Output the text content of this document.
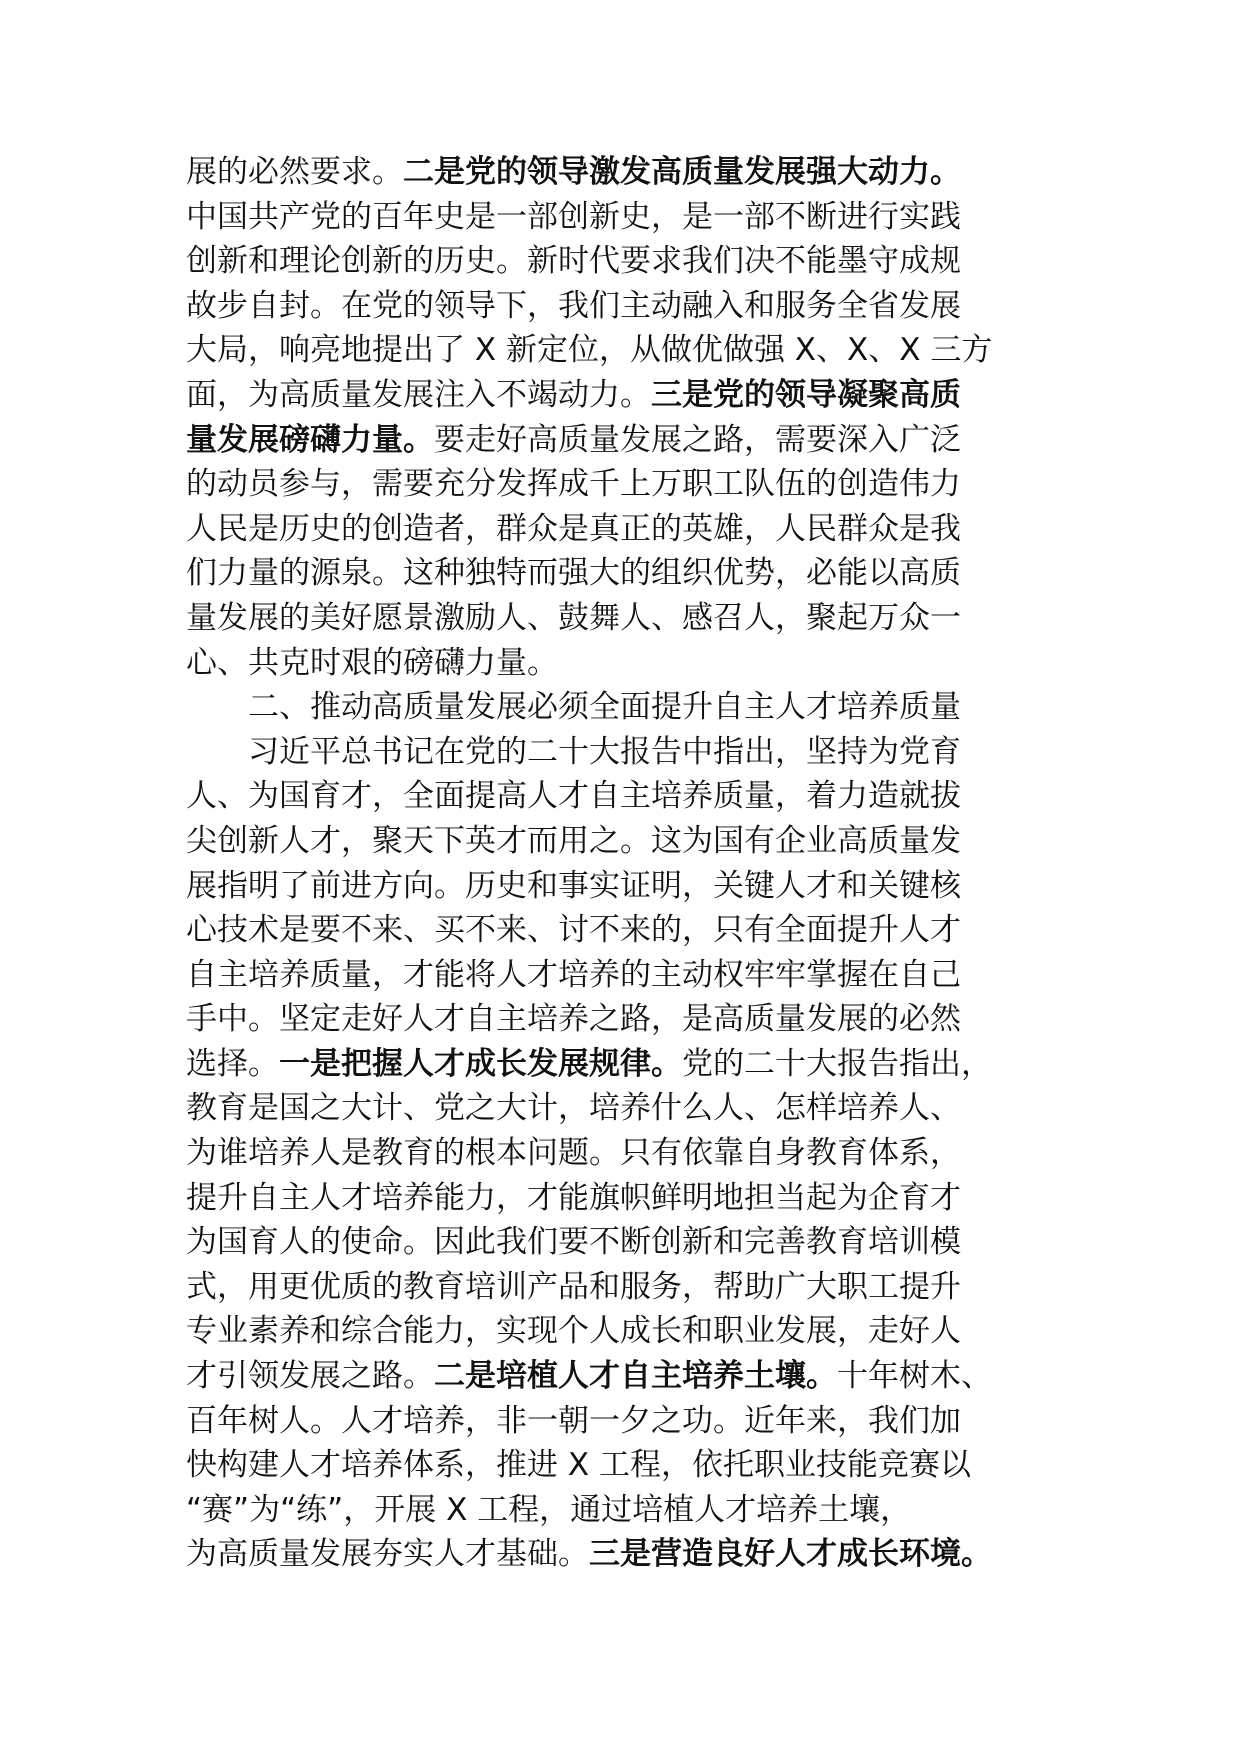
展的必然要求。二是党的领导激发高质量发展强大动力。
中国共产党的百年史是一部创新史，是一部不断进行实践
创新和理论创新的历史。新时代要求我们决不能墨守成规
故步自封。在党的领导下，我们主动融入和服务全省发展
大局，响亮地提出了 X 新定位，从做优做强 X、X、X 三方
面，为高质量发展注入不竭动力。三是党的领导凝聚高质
量发展磅礴力量。要走好高质量发展之路，需要深入广泛
的动员参与，需要充分发挥成千上万职工队伍的创造伟力
人民是历史的创造者，群众是真正的英雄，人民群众是我
们力量的源泉。这种独特而强大的组织优势，必能以高质
量发展的美好愿景激励人、鼓舞人、感召人，聚起万众一
心、共克时艰的磅礴力量。
二、推动高质量发展必须全面提升自主人才培养质量
习近平总书记在党的二十大报告中指出，坚持为党育
人、为国育才，全面提高人才自主培养质量，着力造就拔
尖创新人才，聚天下英才而用之。这为国有企业高质量发
展指明了前进方向。历史和事实证明，关键人才和关键核
心技术是要不来、买不来、讨不来的，只有全面提升人才
自主培养质量，才能将人才培养的主动权牢牢掌握在自己
手中。坚定走好人才自主培养之路，是高质量发展的必然
选择。一是把握人才成长发展规律。党的二十大报告指出，
教育是国之大计、党之大计，培养什么人、怎样培养人、
为谁培养人是教育的根本问题。只有依靠自身教育体系，
提升自主人才培养能力，才能旗帜鲜明地担当起为企育才
为国育人的使命。因此我们要不断创新和完善教育培训模
式，用更优质的教育培训产品和服务，帮助广大职工提升
专业素养和综合能力，实现个人成长和职业发展，走好人
才引领发展之路。二是培植人才自主培养土壤。十年树木、
百年树人。人才培养，非一朝一夕之功。近年来，我们加
快构建人才培养体系，推进 X 工程，依托职业技能竞赛以
“赛”为“练”，开展 X 工程，通过培植人才培养土壤，
为高质量发展夯实人才基础。三是营造良好人才成长环境。
